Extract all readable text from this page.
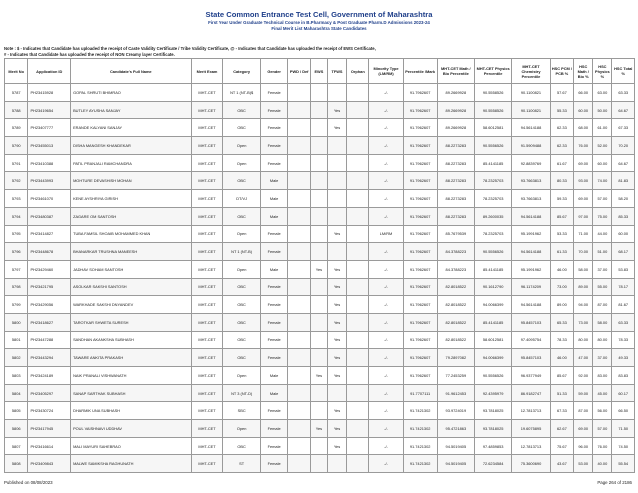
State Common Entrance Test Cell, Government of Maharashtra
First Year Under Graduate Technical Course in B.Pharmacy & Post Graduate Pharm.D Admissions 2023-24
Final Merit List Maharashtra State Candidates
Note : $ - Indicates that Candidate has uploaded the receipt of Caste Validity Certificate / Tribe Validity Certificate, @ - Indicates that Candidate has uploaded the receipt of EWS Certificate,
# - Indicates that Candidate has uploaded the receipt of NON Creamy layer Certificate.
Merit No	Application ID	Candidate's Full Name	Merit Exam	Category	Gender	PWD / Def	EWS	TFWS	Orphan	Minority Type (LM/RM)	Percentile /Mark	MHT-CET Math / Bio Percentile	MHT-CET Physics Percentile	MHT-CET Chemistry Percentile	HSC PCM / PCB %	HSC Math / Bio %	HSC Physics %	HSC Total %
5787	PH23415928	GOPAL SHRUTI BHIMRAO	MHT-CET	NT 1 (NT-B)$	Female					-/-	91.7962607	89.2669928	90.5558526	90.1100821	57.67	66.00	63.00	63.33
5788	PH23419654	BUTLEY AYUSHA SANJAY	MHT-CET	OBC	Female			Yes		-/-	91.7962607	89.2669928	90.5558526	90.1100821	55.33	60.00	50.00	64.67
5789	PH23407777	ERANDE KALYANI SANJAY	MHT-CET	OBC	Female			Yes		-/-	91.7962607	89.2669928	58.6012581	94.5614188	62.33	68.00	61.00	67.33
5790	PH23455013	DISHA MANGESH KHANDEKAR	MHT-CET	Open	Female					-/-	91.7962607	88.2273283	90.5556526	91.5909488	62.33	76.00	52.00	70.20
5791	PH23410388	PATIL PRANJALI RAMCHANDRA	MHT-CET	Open	Female					-/-	91.7962607	88.2273283	85.4141185	92.8839769	61.67	69.00	60.00	64.67
5792	PH23443993	MOHTURE DEVASHISH MOHAN	MHT-CET	OBC	Male					-/-	91.7962607	88.2273283	78.2325703	93.7663813	80.33	93.00	74.00	81.83
5793	PH23461070	KENE AYSHRIYA GIRISH	MHT-CET	DT/VJ	Male					-/-	91.7962607	88.2273283	78.2325703	93.7663813	59.33	69.00	57.00	58.20
5794	PH23480387	ZAGARE OM SANTOSH	MHT-CET	OBC	Male					-/-	91.7962607	88.2273283	89.2600035	94.5614188	85.67	97.00	75.00	85.33
5795	PH23414827	TUBA FAMSIL SHOAIB MOHAMMED KHAN	MHT-CET	Open	Female			Yes		LM/RM	91.7962607	85.7679539	78.2325703	95.1991962	53.33	71.00	44.00	60.00
5796	PH23448678	BHANARKAR TRUSHNA MANEESH	MHT-CET	NT 1 (NT-B)	Female					-/-	91.7962607	84.3788223	90.5556526	94.5614188	61.33	70.00	51.00	68.17
5797	PH23429460	JADHAV SOHAM SANTOSH	MHT-CET	Open	Male		Yes	Yes		-/-	91.7962607	84.3788223	85.4141185	95.1991962	46.00	58.00	37.00	53.83
5798	PH23421795	ASOLKAR SAKSHI SANTOSH	MHT-CET	OBC	Female			Yes		-/-	91.7962607	82.8018522	90.1612790	96.1174209	73.00	89.00	55.00	78.17
5799	PH23429056	WARKHADE SAKSHI DNYANDEV	MHT-CET	OBC	Female			Yes		-/-	91.7962607	82.8018522	94.0066399	94.5614188	89.00	94.00	87.00	81.67
5800	PH23418627	TAROTKAR SHWETA SURESH	MHT-CET	OBC	Female			Yes		-/-	91.7962607	82.8018522	85.4141185	95.8457103	65.33	73.00	58.00	63.33
5801	PH23447288	SANDHAN AKANKSHA SUBHASH	MHT-CET	OBC	Female			Yes		-/-	91.7962607	82.8018522	58.6012581	97.4095754	78.33	80.00	80.00	78.33
5802	PH23443294	TAWARE ANKITA PRAKASH	MHT-CET	OBC	Female			Yes		-/-	91.7962607	79.2897082	94.0066399	95.8457103	46.00	47.00	37.00	49.33
5803	PH23424189	NAIK PRANALI VISHWANATH	MHT-CET	Open	Male		Yes	Yes		-/-	91.7962607	77.2453259	90.5556526	96.9377949	85.67	92.00	83.00	83.83
5804	PH23405297	SANAP SARTHAK SUBHASH	MHT-CET	NT 3 (NT-D)	Male					-/-	91.7707111	91.9612453	92.4395979	86.9182747	51.33	59.00	45.00	60.17
5805	PH23430724	DHARMIK UNA SUBHASH	MHT-CET	SBC	Female			Yes		-/-	91.7421302	93.9724019	93.7818025	12.7813713	67.33	87.00	56.00	66.50
5806	PH23417945	POUL VAISHNAVI UDDHAV	MHT-CET	Open	Female		Yes	Yes		-/-	91.7421302	95.4721863	93.7818025	19.6075895	62.67	69.00	57.00	71.50
5807	PH23416614	MALI MAYURI SAHEBRAO	MHT-CET	OBC	Female			Yes		-/-	91.7421302	94.5019405	97.4859853	12.7813713	75.67	96.00	76.00	74.50
5808	PH23409843	MALWE SAMIKSHA RAGHUNATH	MHT-CET	ST	Female					-/-	91.7421302	94.5019405	72.6234584	75.3600690	43.67	53.00	40.00	55.54
Published on 08/08/2023	Page 264 of 2186
